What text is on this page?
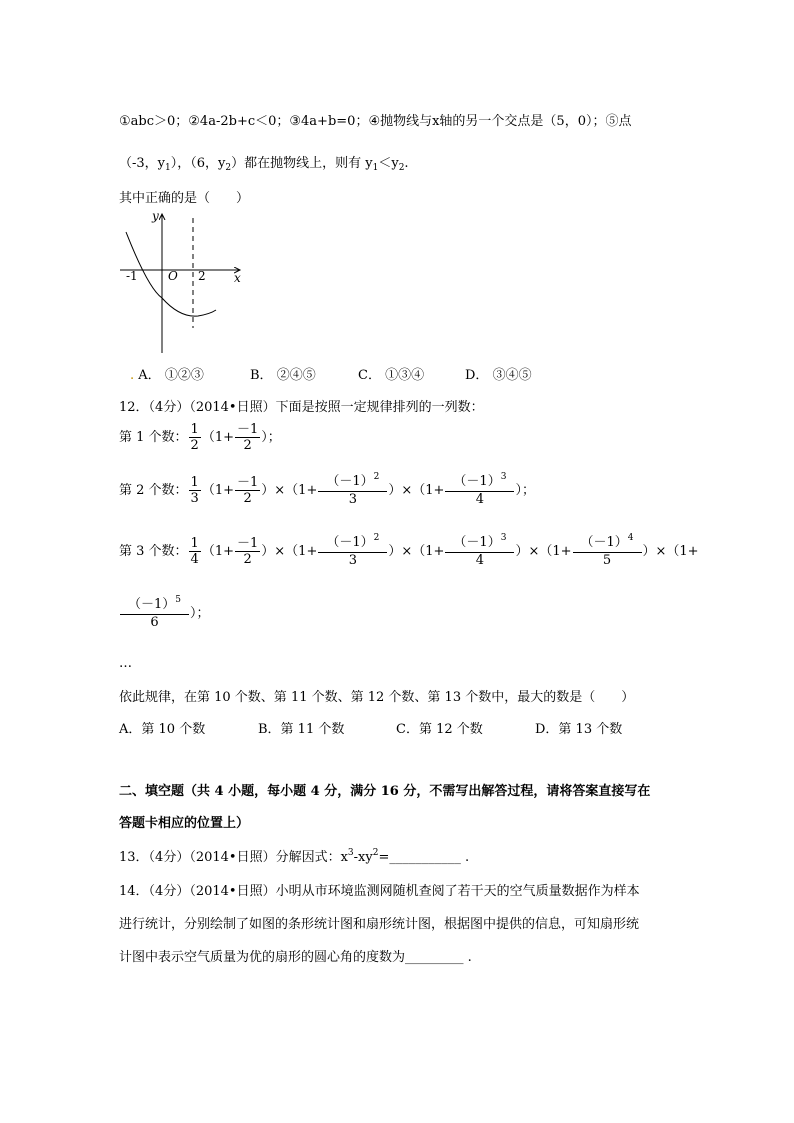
①abc＞0；②4a-2b+c＜0；③4a+b=0；④抛物线与x轴的另一个交点是（5，0）；⑤点
（-3，$y_1$），（6，$y_2$）都在抛物线上，则有 $y_1<y_2$.
其中正确的是（　　）
y
x
O
-1	2
. A． ①②③	B． ②④⑤	C． ①③④	D． ③④⑤
12．（4分）（2014•日照）下面是按照一定规律排列的一列数：
第 1 个数： $\frac{1}{2} (1+ \frac{-1}{2}$ ）；
第 2 个数： $\frac{1}{3} (1+ \frac{-1}{2} )\times(1+ \frac{(-1)^2}{3} )\times(1+ \frac{(-1)^3}{4}$ ）；
第 3 个数： $\frac{1}{4} (1+ \frac{-1}{2} )\times(1+ \frac{(-1)^2}{3} )\times(1+ \frac{(-1)^3}{4} )\times(1+ \frac{(-1)^4}{5} )\times(1+$
$\frac{(-1)^5}{6}$ ）；
…
依此规律，在第 10 个数、第 11 个数、第 12 个数、第 13 个数中，最大的数是（　　）
A．第 10 个数	B．第 11 个数	C．第 12 个数	D．第 13 个数
二、填空题（共 4 小题，每小题 4 分，满分 16 分，不需写出解答过程，请将答案直接写在
答题卡相应的位置上）
13．（4分）（2014•日照）分解因式：$x^3-xy^2=\_\_\_\_\_\_\_\_\_\_\_$ .
14．（4分）（2014•日照）小明从市环境监测网随机查阅了若干天的空气质量数据作为样本
进行统计，分别绘制了如图的条形统计图和扇形统计图，根据图中提供的信息，可知扇形统
计图中表示空气质量为优的扇形的圆心角的度数为_________ .
